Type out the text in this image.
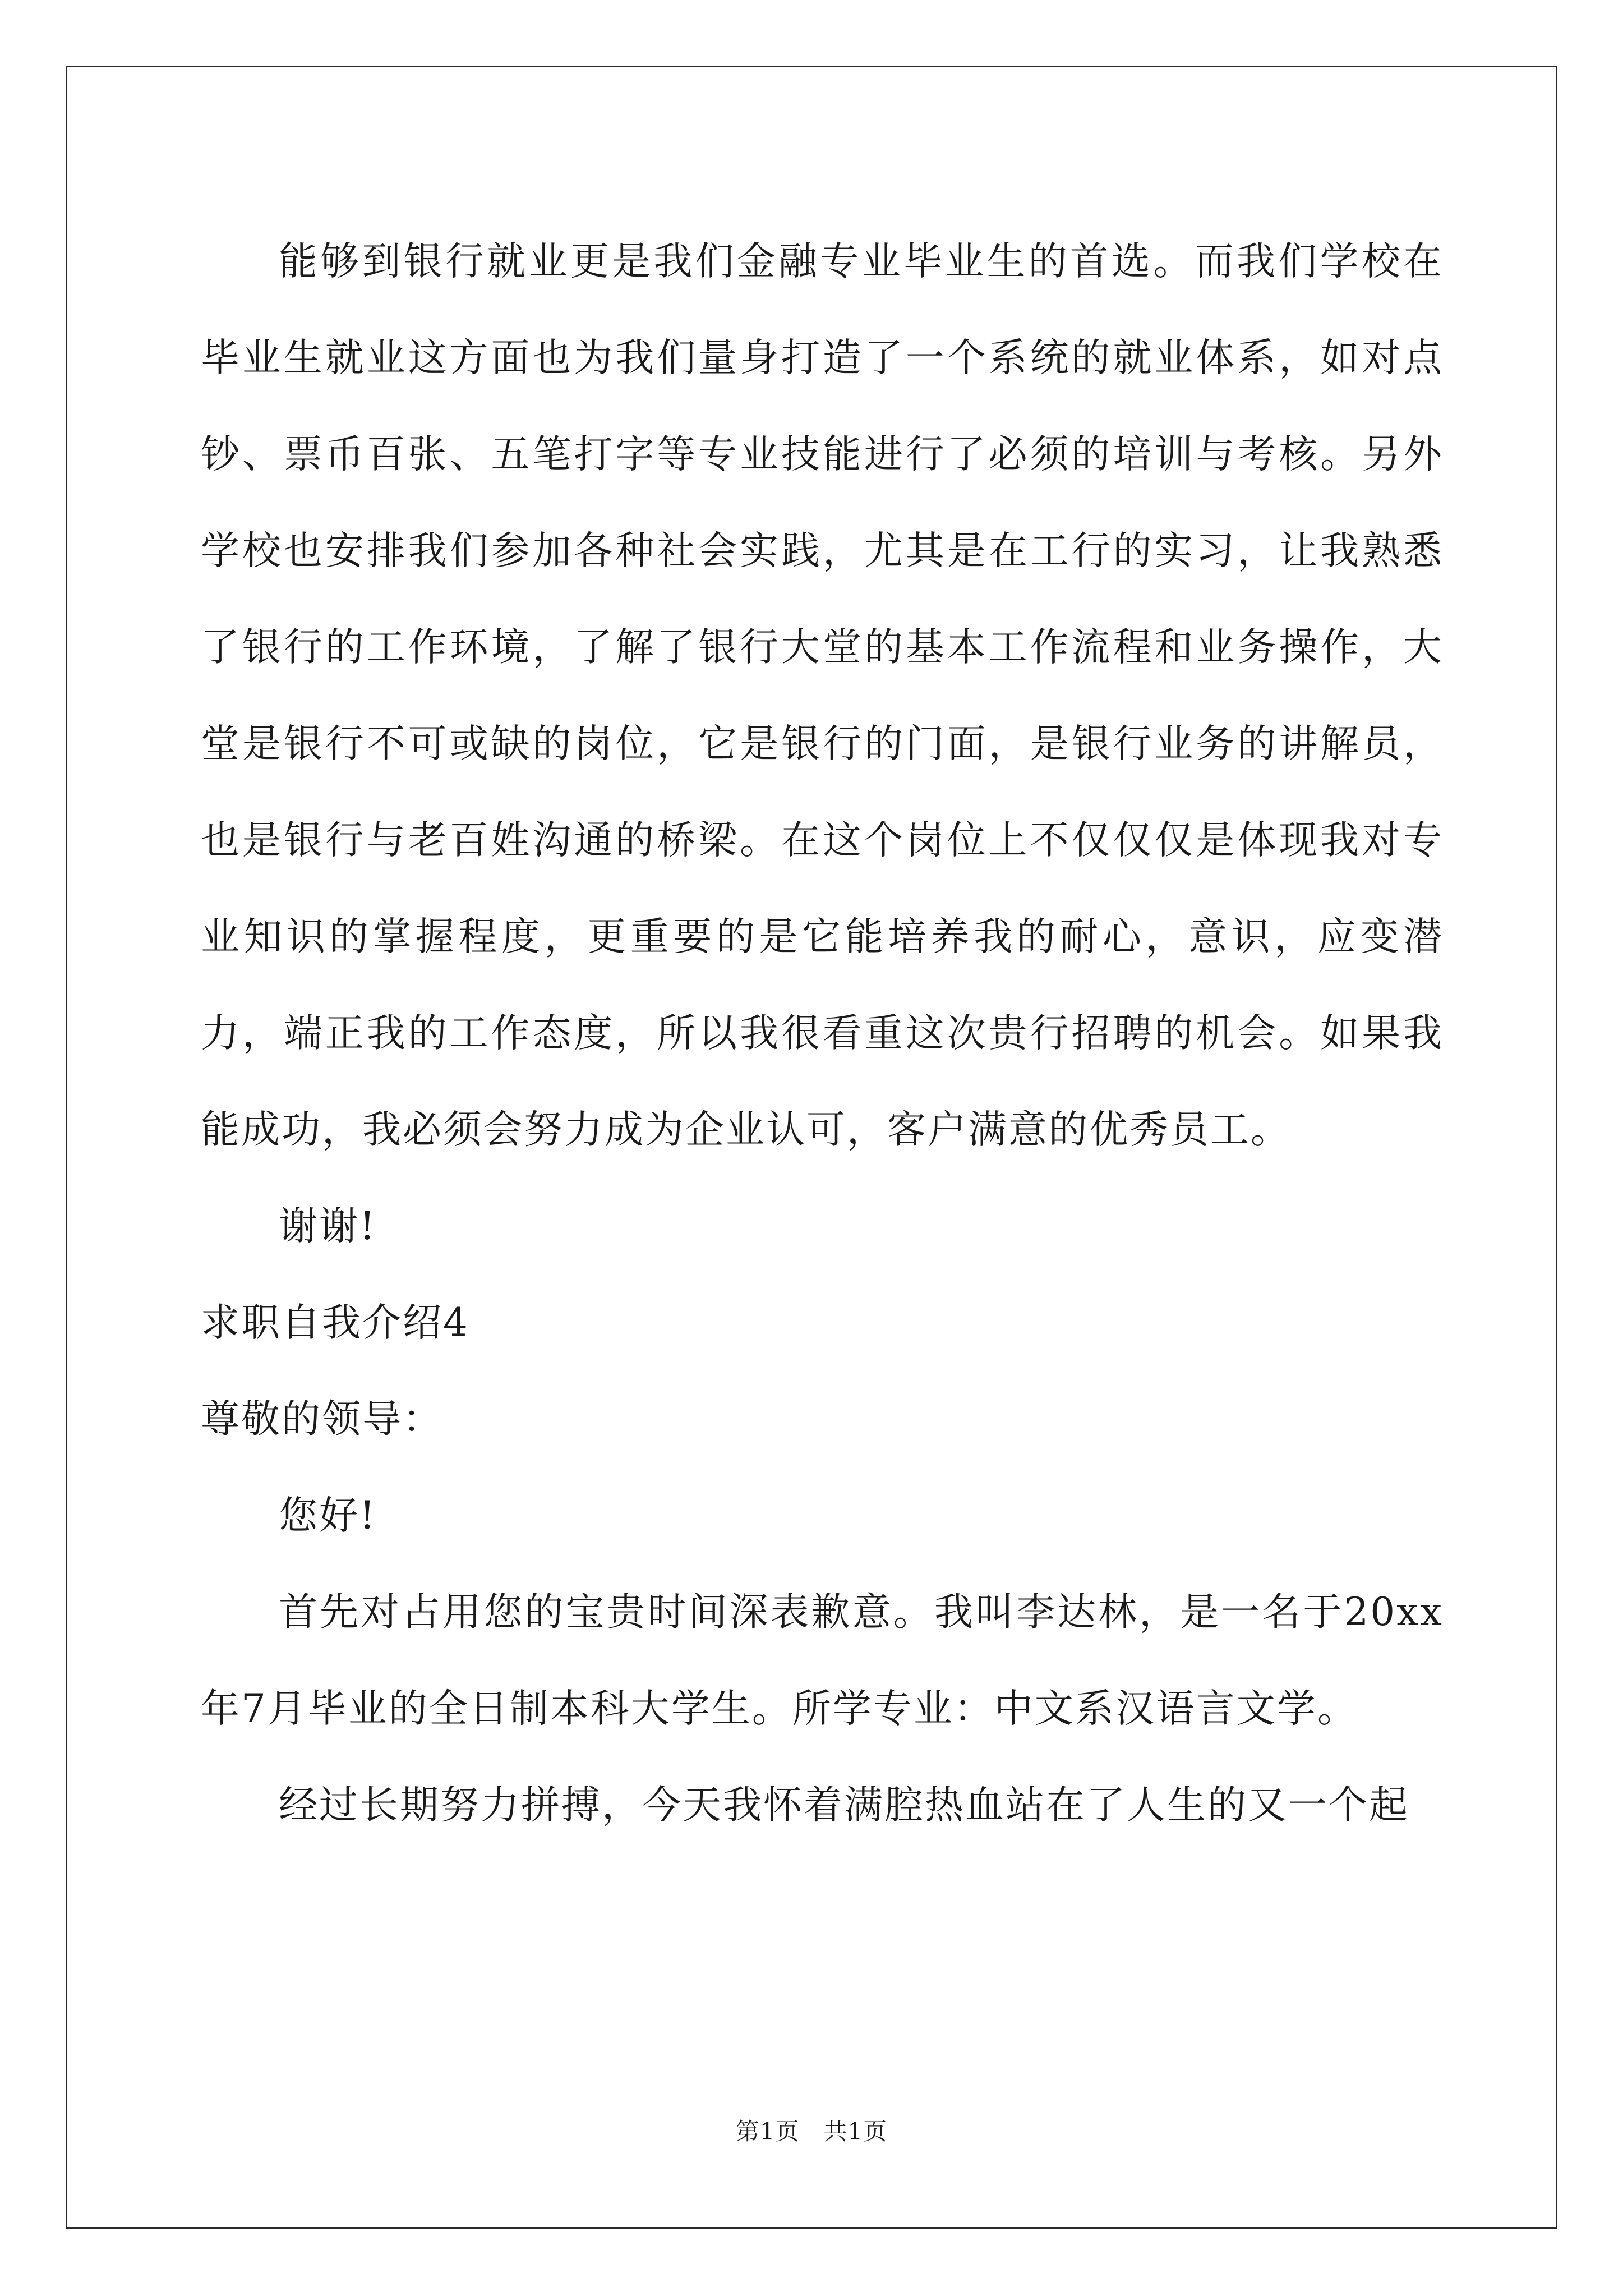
能够到银行就业更是我们金融专业毕业生的首选。而我们学校在毕业生就业这方面也为我们量身打造了一个系统的就业体系，如对点钞、票币百张、五笔打字等专业技能进行了必须的培训与考核。另外学校也安排我们参加各种社会实践，尤其是在工行的实习，让我熟悉了银行的工作环境，了解了银行大堂的基本工作流程和业务操作，大堂是银行不可或缺的岗位，它是银行的门面，是银行业务的讲解员，也是银行与老百姓沟通的桥梁。在这个岗位上不仅仅仅是体现我对专业知识的掌握程度，更重要的是它能培养我的耐心，意识，应变潜力，端正我的工作态度，所以我很看重这次贵行招聘的机会。如果我能成功，我必须会努力成为企业认可，客户满意的优秀员工。

谢谢!

求职自我介绍4

尊敬的领导：

您好!

首先对占用您的宝贵时间深表歉意。我叫李达林，是一名于20xx年7月毕业的全日制本科大学生。所学专业：中文系汉语言文学。

经过长期努力拼搏，今天我怀着满腔热血站在了人生的又一个起

第1页　共1页
